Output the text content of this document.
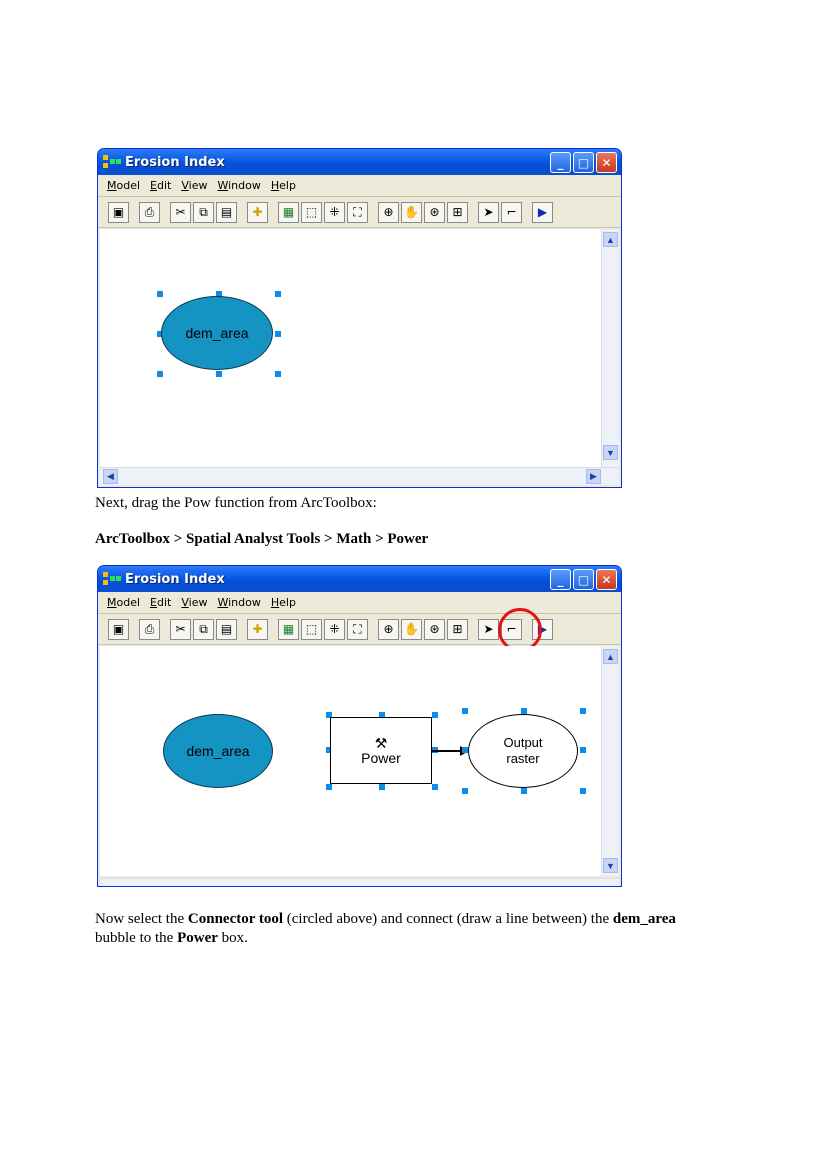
Erosion Index	_	□	✕
Model Edit View Window Help
▣	⎙	✂	⧉	▤	✚	▦ ⬚	⁜	⛶	⊕ ✋ ⊛	⊞	➤	⌐	▶
dem_area
▲
▼
◀	▶
Next, drag the Pow function from ArcToolbox:
ArcToolbox > Spatial Analyst Tools > Math > Power
Erosion Index	_	□	✕
Model Edit View Window Help
▣	⎙	✂	⧉	▤	✚	▦ ⬚	⁜	⛶	⊕ ✋ ⊛	⊞	➤	⌐	▶
dem_area
⚒
Power
Output
raster
▲
▼
Now select the Connector tool (circled above) and connect (draw a line between) the dem_area
bubble to the Power box.
